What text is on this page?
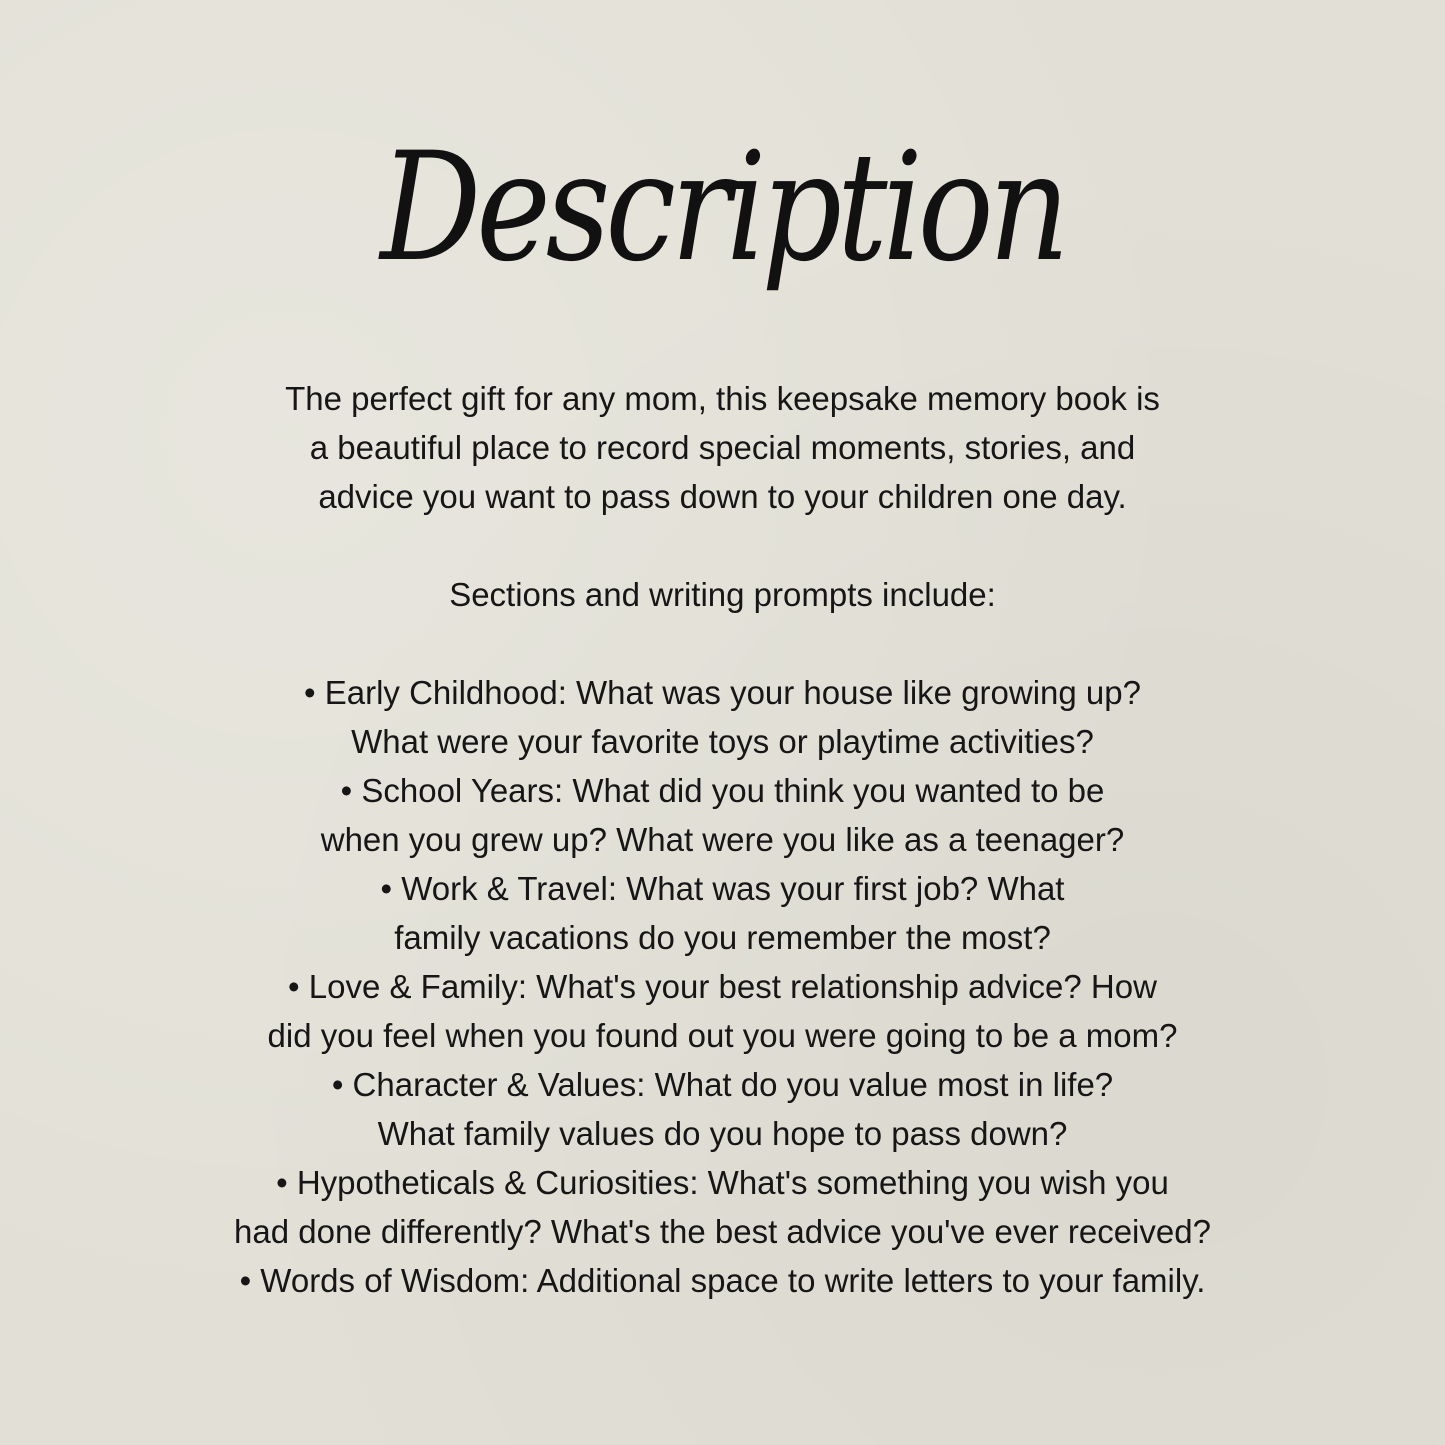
Description

The perfect gift for any mom, this keepsake memory book is
a beautiful place to record special moments, stories, and
advice you want to pass down to your children one day.

Sections and writing prompts include:

• Early Childhood: What was your house like growing up?
What were your favorite toys or playtime activities?
• School Years: What did you think you wanted to be
when you grew up? What were you like as a teenager?
• Work & Travel: What was your first job? What
family vacations do you remember the most?
• Love & Family: What's your best relationship advice? How
did you feel when you found out you were going to be a mom?
• Character & Values: What do you value most in life?
What family values do you hope to pass down?
• Hypotheticals & Curiosities: What's something you wish you
had done differently? What's the best advice you've ever received?
• Words of Wisdom: Additional space to write letters to your family.
